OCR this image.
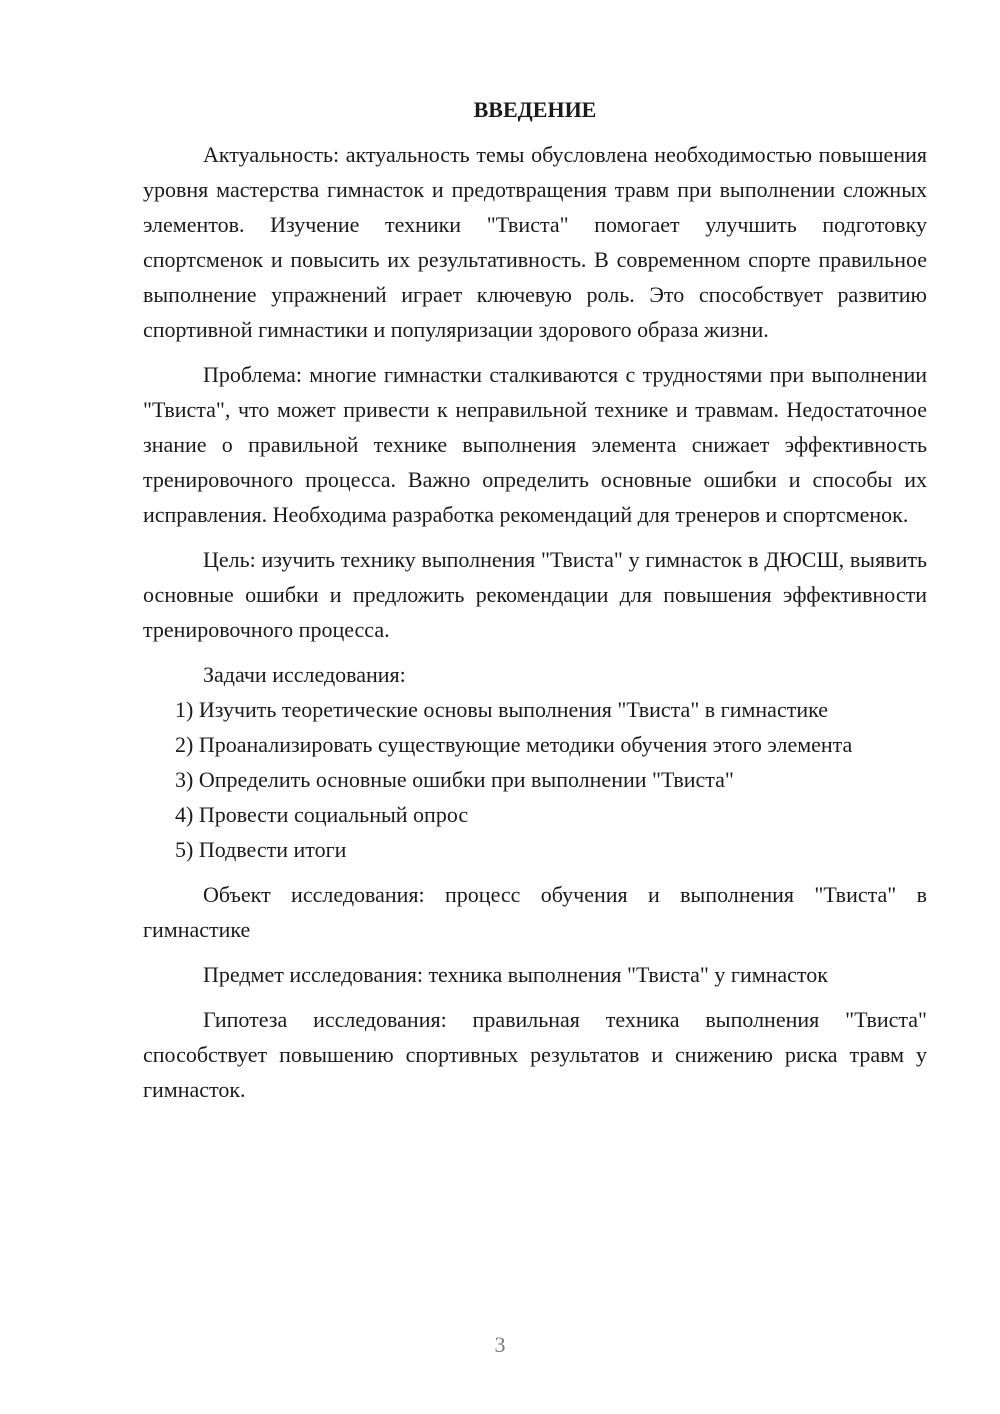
ВВЕДЕНИЕ

Актуальность: актуальность темы обусловлена необходимостью повышения уровня мастерства гимнасток и предотвращения травм при выполнении сложных элементов. Изучение техники "Твиста" помогает улучшить подготовку спортсменок и повысить их результативность. В современном спорте правильное выполнение упражнений играет ключевую роль. Это способствует развитию спортивной гимнастики и популяризации здорового образа жизни.

Проблема: многие гимнастки сталкиваются с трудностями при выполнении "Твиста", что может привести к неправильной технике и травмам. Недостаточное знание о правильной технике выполнения элемента снижает эффективность тренировочного процесса. Важно определить основные ошибки и способы их исправления. Необходима разработка рекомендаций для тренеров и спортсменок.

Цель: изучить технику выполнения "Твиста" у гимнасток в ДЮСШ, выявить основные ошибки и предложить рекомендации для повышения эффективности тренировочного процесса.

Задачи исследования:

1) Изучить теоретические основы выполнения "Твиста" в гимнастике

2) Проанализировать существующие методики обучения этого элемента

3) Определить основные ошибки при выполнении "Твиста"

4) Провести социальный опрос

5) Подвести итоги

Объект исследования: процесс обучения и выполнения "Твиста" в гимнастике

Предмет исследования: техника выполнения "Твиста" у гимнасток

Гипотеза исследования: правильная техника выполнения "Твиста" способствует повышению спортивных результатов и снижению риска травм у гимнасток.

3
